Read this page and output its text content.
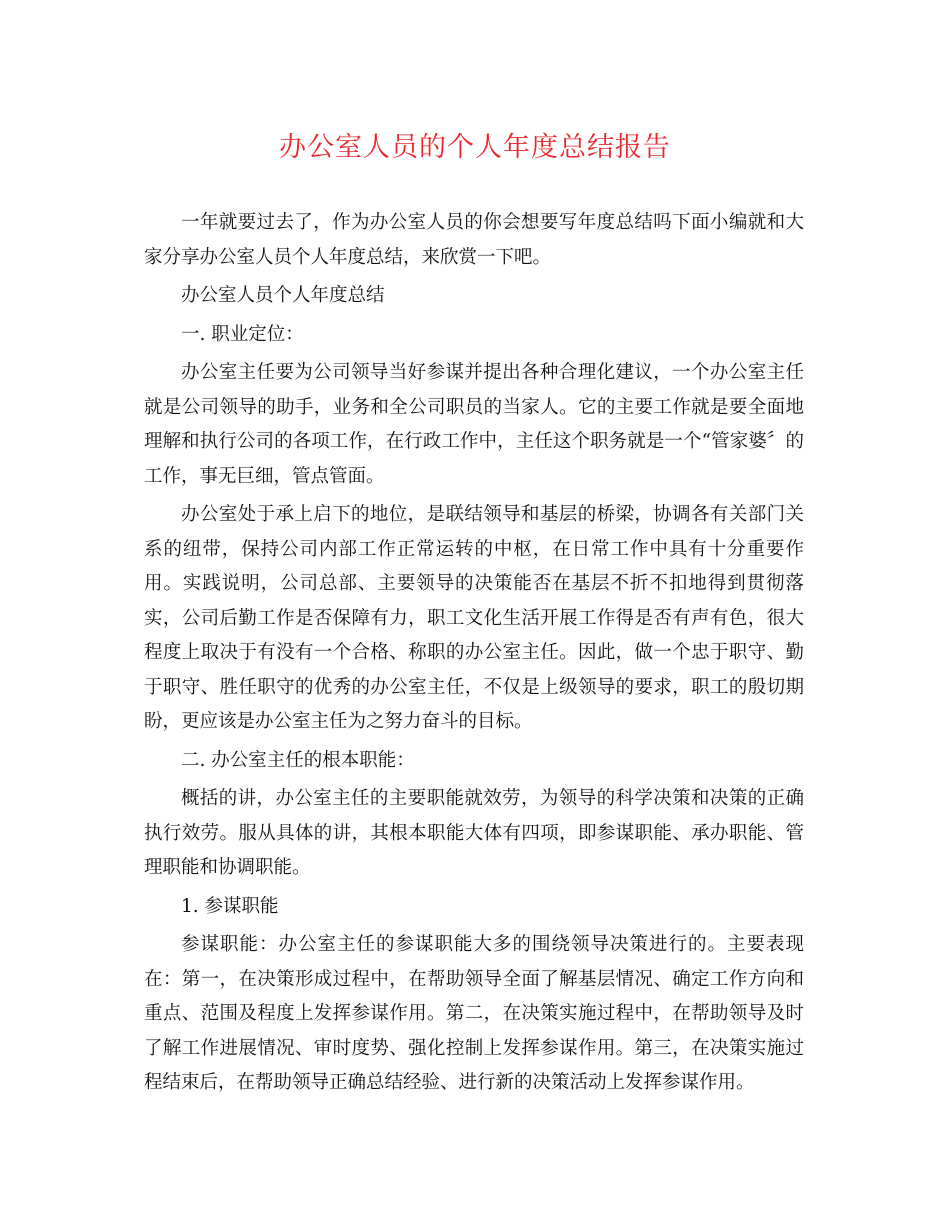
办公室人员的个人年度总结报告

一年就要过去了，作为办公室人员的你会想要写年度总结吗下面小编就和大家分享办公室人员个人年度总结，来欣赏一下吧。

办公室人员个人年度总结

一. 职业定位：

办公室主任要为公司领导当好参谋并提出各种合理化建议，一个办公室主任就是公司领导的助手，业务和全公司职员的当家人。它的主要工作就是要全面地理解和执行公司的各项工作，在行政工作中，主任这个职务就是一个“管家婆〞的工作，事无巨细，管点管面。

办公室处于承上启下的地位，是联结领导和基层的桥梁，协调各有关部门关系的纽带，保持公司内部工作正常运转的中枢，在日常工作中具有十分重要作用。实践说明，公司总部、主要领导的决策能否在基层不折不扣地得到贯彻落实，公司后勤工作是否保障有力，职工文化生活开展工作得是否有声有色，很大程度上取决于有没有一个合格、称职的办公室主任。因此，做一个忠于职守、勤于职守、胜任职守的优秀的办公室主任，不仅是上级领导的要求，职工的殷切期盼，更应该是办公室主任为之努力奋斗的目标。

二. 办公室主任的根本职能：

概括的讲，办公室主任的主要职能就效劳，为领导的科学决策和决策的正确执行效劳。服从具体的讲，其根本职能大体有四项，即参谋职能、承办职能、管理职能和协调职能。

1. 参谋职能

参谋职能：办公室主任的参谋职能大多的围绕领导决策进行的。主要表现在：第一，在决策形成过程中，在帮助领导全面了解基层情况、确定工作方向和重点、范围及程度上发挥参谋作用。第二，在决策实施过程中，在帮助领导及时了解工作进展情况、审时度势、强化控制上发挥参谋作用。第三，在决策实施过程结束后，在帮助领导正确总结经验、进行新的决策活动上发挥参谋作用。
